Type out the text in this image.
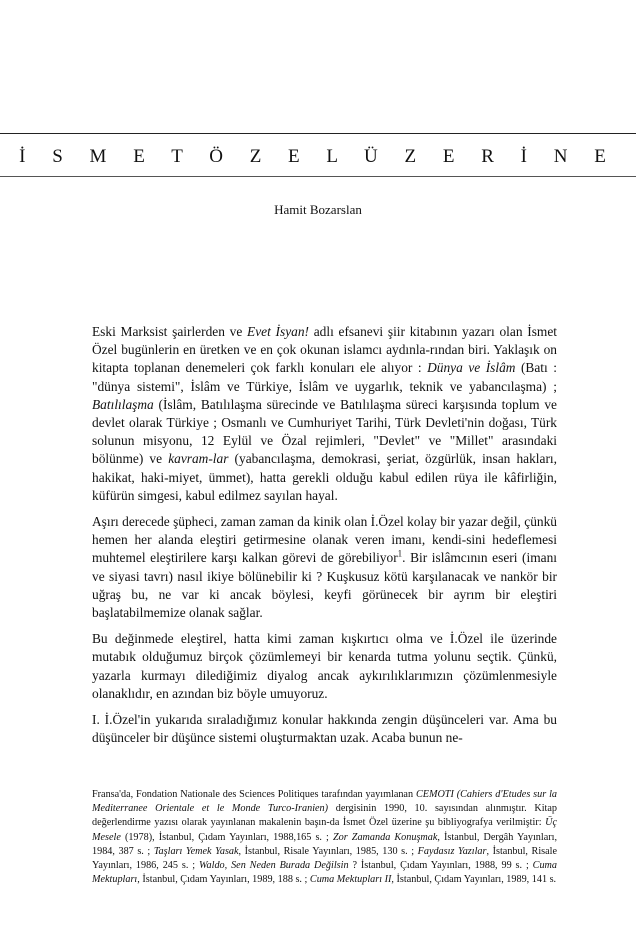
İ S M E T Ö Z E L Ü Z E R İ N E

Hamit Bozarslan

Eski Marksist şairlerden ve Evet İsyan! adlı efsanevi şiir kitabının yazarı olan İsmet Özel bugünlerin en üretken ve en çok okunan islamcı aydınla-rından biri. Yaklaşık on kitapta toplanan denemeleri çok farklı konuları ele alıyor : Dünya ve İslâm (Batı : "dünya sistemi", İslâm ve Türkiye, İslâm ve uygarlık, teknik ve yabancılaşma) ; Batılılaşma (İslâm, Batılılaşma sürecinde ve Batılılaşma süreci karşısında toplum ve devlet olarak Türkiye ; Osmanlı ve Cumhuriyet Tarihi, Türk Devleti'nin doğası, Türk solunun misyonu, 12 Eylül ve Özal rejimleri, "Devlet" ve "Millet" arasındaki bölünme) ve kavram-lar (yabancılaşma, demokrasi, şeriat, özgürlük, insan hakları, hakikat, haki-miyet, ümmet), hatta gerekli olduğu kabul edilen rüya ile kâfirliğin, küfürün simgesi, kabul edilmez sayılan hayal.

Aşırı derecede şüpheci, zaman zaman da kinik olan İ.Özel kolay bir yazar değil, çünkü hemen her alanda eleştiri getirmesine olanak veren imanı, kendi-sini hedeflemesi muhtemel eleştirilere karşı kalkan görevi de görebiliyor$^1$. Bir islâmcının eseri (imanı ve siyasi tavrı) nasıl ikiye bölünebilir ki ? Kuşkusuz kötü karşılanacak ve nankör bir uğraş bu, ne var ki ancak böylesi, keyfi görünecek bir ayrım bir eleştiri başlatabilmemize olanak sağlar.

Bu değinmede eleştirel, hatta kimi zaman kışkırtıcı olma ve İ.Özel ile üzerinde mutabık olduğumuz birçok çözümlemeyi bir kenarda tutma yolunu seçtik. Çünkü, yazarla kurmayı dilediğimiz diyalog ancak aykırılıklarımızın çözümlenmesiyle olanaklıdır, en azından biz böyle umuyoruz.

I. İ.Özel'in yukarıda sıraladığımız konular hakkında zengin düşünceleri var. Ama bu düşünceler bir düşünce sistemi oluşturmaktan uzak. Acaba bunun ne-

Fransa'da, Fondation Nationale des Sciences Politiques tarafından yayımlanan CEMOTI (Cahiers d'Etudes sur la Mediterranee Orientale et le Monde Turco-Iranien) dergisinin 1990, 10. sayısından alınmıştır. Kitap değerlendirme yazısı olarak yayınlanan makalenin başın-da İsmet Özel üzerine şu bibliyografya verilmiştir: Üç Mesele (1978), İstanbul, Çıdam Yayınları, 1988,165 s. ; Zor Zamanda Konuşmak, İstanbul, Dergâh Yayınları, 1984, 387 s. ; Taşları Yemek Yasak, İstanbul, Risale Yayınları, 1985, 130 s. ; Faydasız Yazılar, İstanbul, Risale Yayınları, 1986, 245 s. ; Waldo, Sen Neden Burada Değilsin ? İstanbul, Çıdam Yayınları, 1988, 99 s. ; Cuma Mektupları, İstanbul, Çıdam Yayınları, 1989, 188 s. ; Cuma Mektupları II, İstanbul, Çıdam Yayınları, 1989, 141 s.
